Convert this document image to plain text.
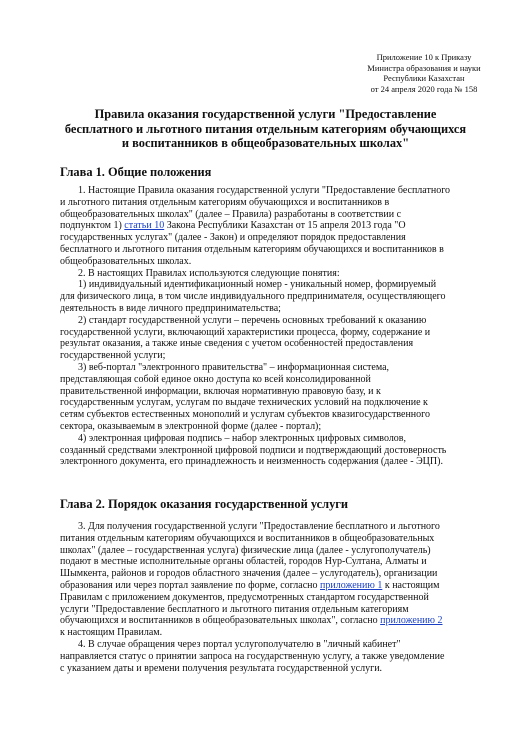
Приложение 10 к Приказу
Министра образования и науки
Республики Казахстан
от 24 апреля 2020 года № 158
Правила оказания государственной услуги "Предоставление
бесплатного и льготного питания отдельным категориям обучающихся
и воспитанников в общеобразовательных школах"
Глава 1. Общие положения
1. Настоящие Правила оказания государственной услуги "Предоставление бесплатного
и льготного питания отдельным категориям обучающихся и воспитанников в
общеобразовательных школах" (далее – Правила) разработаны в соответствии с
подпунктом 1) статьи 10 Закона Республики Казахстан от 15 апреля 2013 года "О
государственных услугах" (далее - Закон) и определяют порядок предоставления
бесплатного и льготного питания отдельным категориям обучающихся и воспитанников в
общеобразовательных школах.
2. В настоящих Правилах используются следующие понятия:
1) индивидуальный идентификационный номер - уникальный номер, формируемый
для физического лица, в том числе индивидуального предпринимателя, осуществляющего
деятельность в виде личного предпринимательства;
2) стандарт государственной услуги – перечень основных требований к оказанию
государственной услуги, включающий характеристики процесса, форму, содержание и
результат оказания, а также иные сведения с учетом особенностей предоставления
государственной услуги;
3) веб-портал "электронного правительства" – информационная система,
представляющая собой единое окно доступа ко всей консолидированной
правительственной информации, включая нормативную правовую базу, и к
государственным услугам, услугам по выдаче технических условий на подключение к
сетям субъектов естественных монополий и услугам субъектов квазигосударственного
сектора, оказываемым в электронной форме (далее - портал);
4) электронная цифровая подпись – набор электронных цифровых символов,
созданный средствами электронной цифровой подписи и подтверждающий достоверность
электронного документа, его принадлежность и неизменность содержания (далее - ЭЦП).
Глава 2. Порядок оказания государственной услуги
3. Для получения государственной услуги "Предоставление бесплатного и льготного
питания отдельным категориям обучающихся и воспитанников в общеобразовательных
школах" (далее – государственная услуга) физические лица (далее - услугополучатель)
подают в местные исполнительные органы областей, городов Нур-Султана, Алматы и
Шымкента, районов и городов областного значения (далее – услугодатель), организации
образования или через портал заявление по форме, согласно приложению 1 к настоящим
Правилам с приложением документов, предусмотренных стандартом государственной
услуги "Предоставление бесплатного и льготного питания отдельным категориям
обучающихся и воспитанников в общеобразовательных школах", согласно приложению 2
к настоящим Правилам.
4. В случае обращения через портал услугополучателю в "личный кабинет"
направляется статус о принятии запроса на государственную услугу, а также уведомление
с указанием даты и времени получения результата государственной услуги.
